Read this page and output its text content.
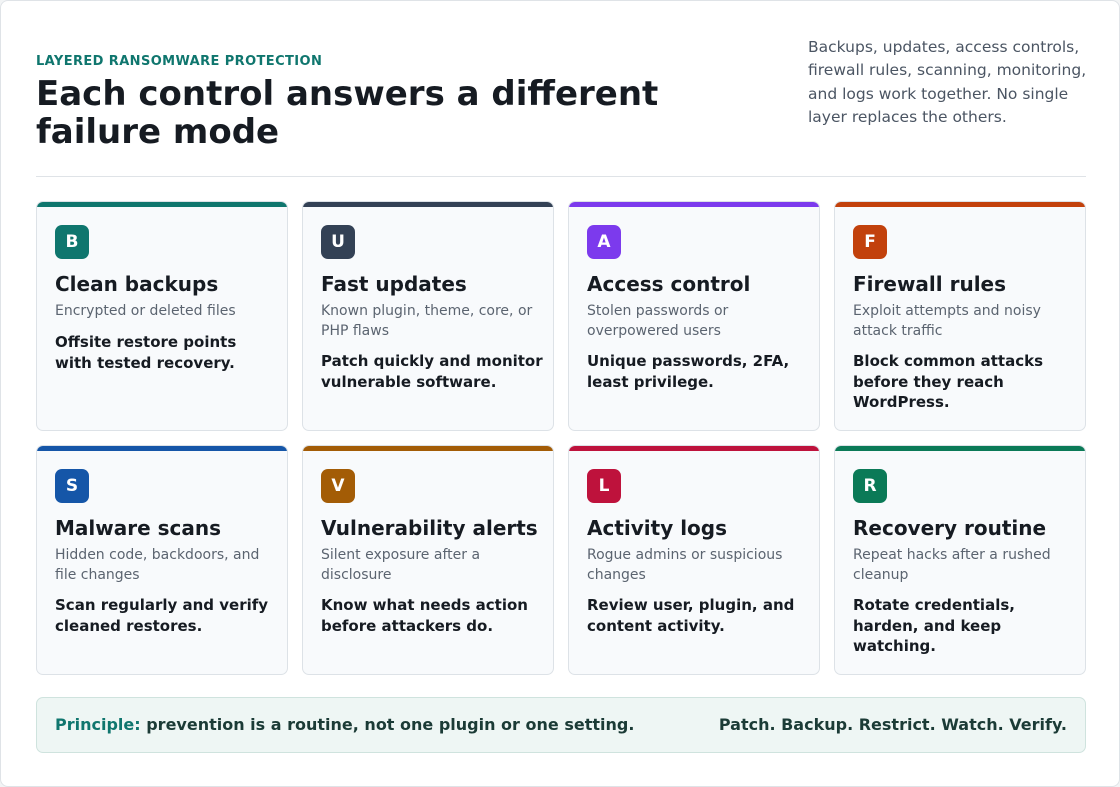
LAYERED RANSOMWARE PROTECTION
Each control answers a different failure mode
Backups, updates, access controls, firewall rules, scanning, monitoring, and logs work together. No single layer replaces the others.
B
Clean backups
Encrypted or deleted files
Offsite restore points with tested recovery.
U
Fast updates
Known plugin, theme, core, or PHP flaws
Patch quickly and monitor vulnerable software.
A
Access control
Stolen passwords or overpowered users
Unique passwords, 2FA, least privilege.
F
Firewall rules
Exploit attempts and noisy attack traffic
Block common attacks before they reach WordPress.
S
Malware scans
Hidden code, backdoors, and file changes
Scan regularly and verify cleaned restores.
V
Vulnerability alerts
Silent exposure after a disclosure
Know what needs action before attackers do.
L
Activity logs
Rogue admins or suspicious changes
Review user, plugin, and content activity.
R
Recovery routine
Repeat hacks after a rushed cleanup
Rotate credentials, harden, and keep watching.
Principle: prevention is a routine, not one plugin or one setting.	Patch. Backup. Restrict. Watch. Verify.
